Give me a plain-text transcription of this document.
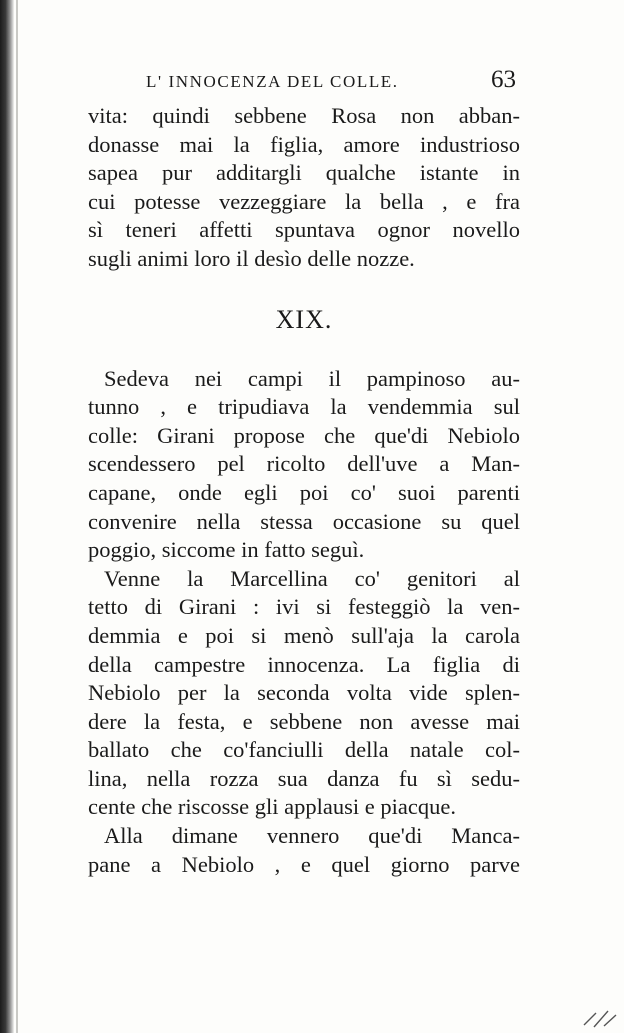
L' INNOCENZA DEL COLLE.	63
vita: quindi sebbene Rosa non abban-
donasse mai la figlia, amore industrioso
sapea pur additargli qualche istante in
cui potesse vezzeggiare la bella , e fra
sì teneri affetti spuntava ognor novello
sugli animi loro il desìo delle nozze.
XIX.
Sedeva nei campi il pampinoso au-
tunno , e tripudiava la vendemmia sul
colle: Girani propose che que'di Nebiolo
scendessero pel ricolto dell'uve a Man-
capane, onde egli poi co' suoi parenti
convenire nella stessa occasione su quel
poggio, siccome in fatto seguì.
Venne la Marcellina co' genitori al
tetto di Girani : ivi si festeggiò la ven-
demmia e poi si menò sull'aja la carola
della campestre innocenza. La figlia di
Nebiolo per la seconda volta vide splen-
dere la festa, e sebbene non avesse mai
ballato che co'fanciulli della natale col-
lina, nella rozza sua danza fu sì sedu-
cente che riscosse gli applausi e piacque.
Alla dimane vennero que'di Manca-
pane a Nebiolo , e quel giorno parve
